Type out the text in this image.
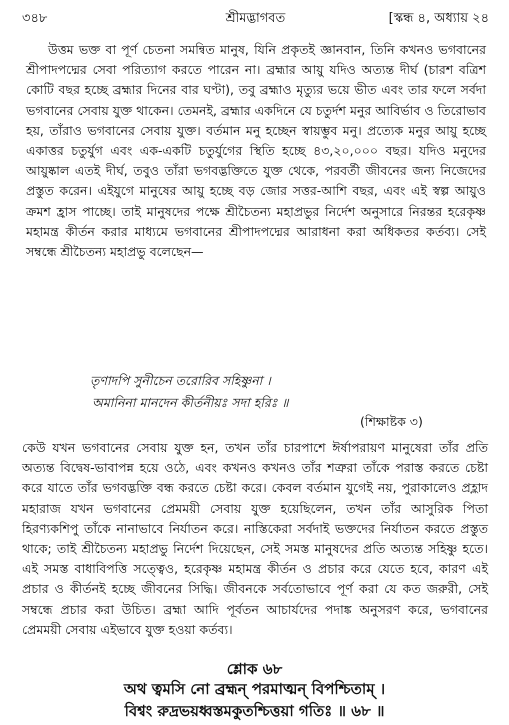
৩৪৮	শ্রীমদ্ভাগবত	[স্কন্ধ ৪, অধ্যায় ২৪
উত্তম ভক্ত বা পূর্ণ চেতনা সমন্বিত মানুষ, যিনি প্রকৃতই জ্ঞানবান, তিনি কখনও ভগবানের শ্রীপাদপদ্মের সেবা পরিত্যাগ করতে পারেন না। ব্রহ্মার আয়ু যদিও অত্যন্ত দীর্ঘ (চারশ বত্রিশ কোটি বছর হচ্ছে ব্রহ্মার দিনের বার ঘণ্টা), তবু ব্রহ্মাও মৃত্যুর ভয়ে ভীত এবং তার ফলে সর্বদা ভগবানের সেবায় যুক্ত থাকেন। তেমনই, ব্রহ্মার একদিনে যে চতুর্দশ মনুর আবির্ভাব ও তিরোভাব হয়, তাঁরাও ভগবানের সেবায় যুক্ত। বর্তমান মনু হচ্ছেন স্বায়ম্ভুব মনু। প্রত্যেক মনুর আয়ু হচ্ছে একাত্তর চতুর্যুগ এবং এক-একটি চতুর্যুগের স্থিতি হচ্ছে ৪৩,২০,০০০ বছর। যদিও মনুদের আয়ুষ্কাল এতই দীর্ঘ, তবুও তাঁরা ভগবদ্ভক্তিতে যুক্ত থেকে, পরবর্তী জীবনের জন্য নিজেদের প্রস্তুত করেন। এইযুগে মানুষের আয়ু হচ্ছে বড় জোর সত্তর-আশি বছর, এবং এই স্বল্প আয়ুও ক্রমশ হ্রাস পাচ্ছে। তাই মানুষদের পক্ষে শ্রীচৈতন্য মহাপ্রভুর নির্দেশ অনুসারে নিরন্তর হরেকৃষ্ণ মহামন্ত্র কীর্তন করার মাধ্যমে ভগবানের শ্রীপাদপদ্মের আরাধনা করা অধিকতর কর্তব্য। সেই সম্বন্ধে শ্রীচৈতন্য মহাপ্রভু বলেছেন—
তৃণাদপি সুনীচেন তরোরিব সহিষ্ণুনা ।
অমানিনা মানদেন কীর্তনীয়ঃ সদা হরিঃ ॥
(শিক্ষাষ্টক ৩)
কেউ যখন ভগবানের সেবায় যুক্ত হন, তখন তাঁর চারপাশে ঈর্ষাপরায়ণ মানুষেরা তাঁর প্রতি অত্যন্ত বিদ্বেষ-ভাবাপন্ন হয়ে ওঠে, এবং কখনও কখনও তাঁর শত্রুরা তাঁকে পরাস্ত করতে চেষ্টা করে যাতে তাঁর ভগবদ্ভক্তি বন্ধ করতে চেষ্টা করে। কেবল বর্তমান যুগেই নয়, পুরাকালেও প্রহ্লাদ মহারাজ যখন ভগবানের প্রেমময়ী সেবায় যুক্ত হয়েছিলেন, তখন তাঁর আসুরিক পিতা হিরণ্যকশিপু তাঁকে নানাভাবে নির্যাতন করে। নাস্তিকেরা সর্বদাই ভক্তদের নির্যাতন করতে প্রস্তুত থাকে; তাই শ্রীচৈতন্য মহাপ্রভু নির্দেশ দিয়েছেন, সেই সমস্ত মানুষদের প্রতি অত্যন্ত সহিষ্ণু হতে। এই সমস্ত বাধাবিপত্তি সত্ত্বেও, হরেকৃষ্ণ মহামন্ত্র কীর্তন ও প্রচার করে যেতে হবে, কারণ এই প্রচার ও কীর্তনই হচ্ছে জীবনের সিদ্ধি। জীবনকে সর্বতোভাবে পূর্ণ করা যে কত জরুরী, সেই সম্বন্ধে প্রচার করা উচিত। ব্রহ্মা আদি পূর্বতন আচার্যদের পদাঙ্ক অনুসরণ করে, ভগবানের প্রেমময়ী সেবায় এইভাবে যুক্ত হওয়া কর্তব্য।
শ্লোক ৬৮
অথ ত্বমসি নো ব্রহ্মন্ পরমাত্মন্ বিপশ্চিতাম্ ।
বিশ্বং রুদ্রভয়ধ্বস্তমকুতশ্চিত্তয়া গতিঃ ॥ ৬৮ ॥
